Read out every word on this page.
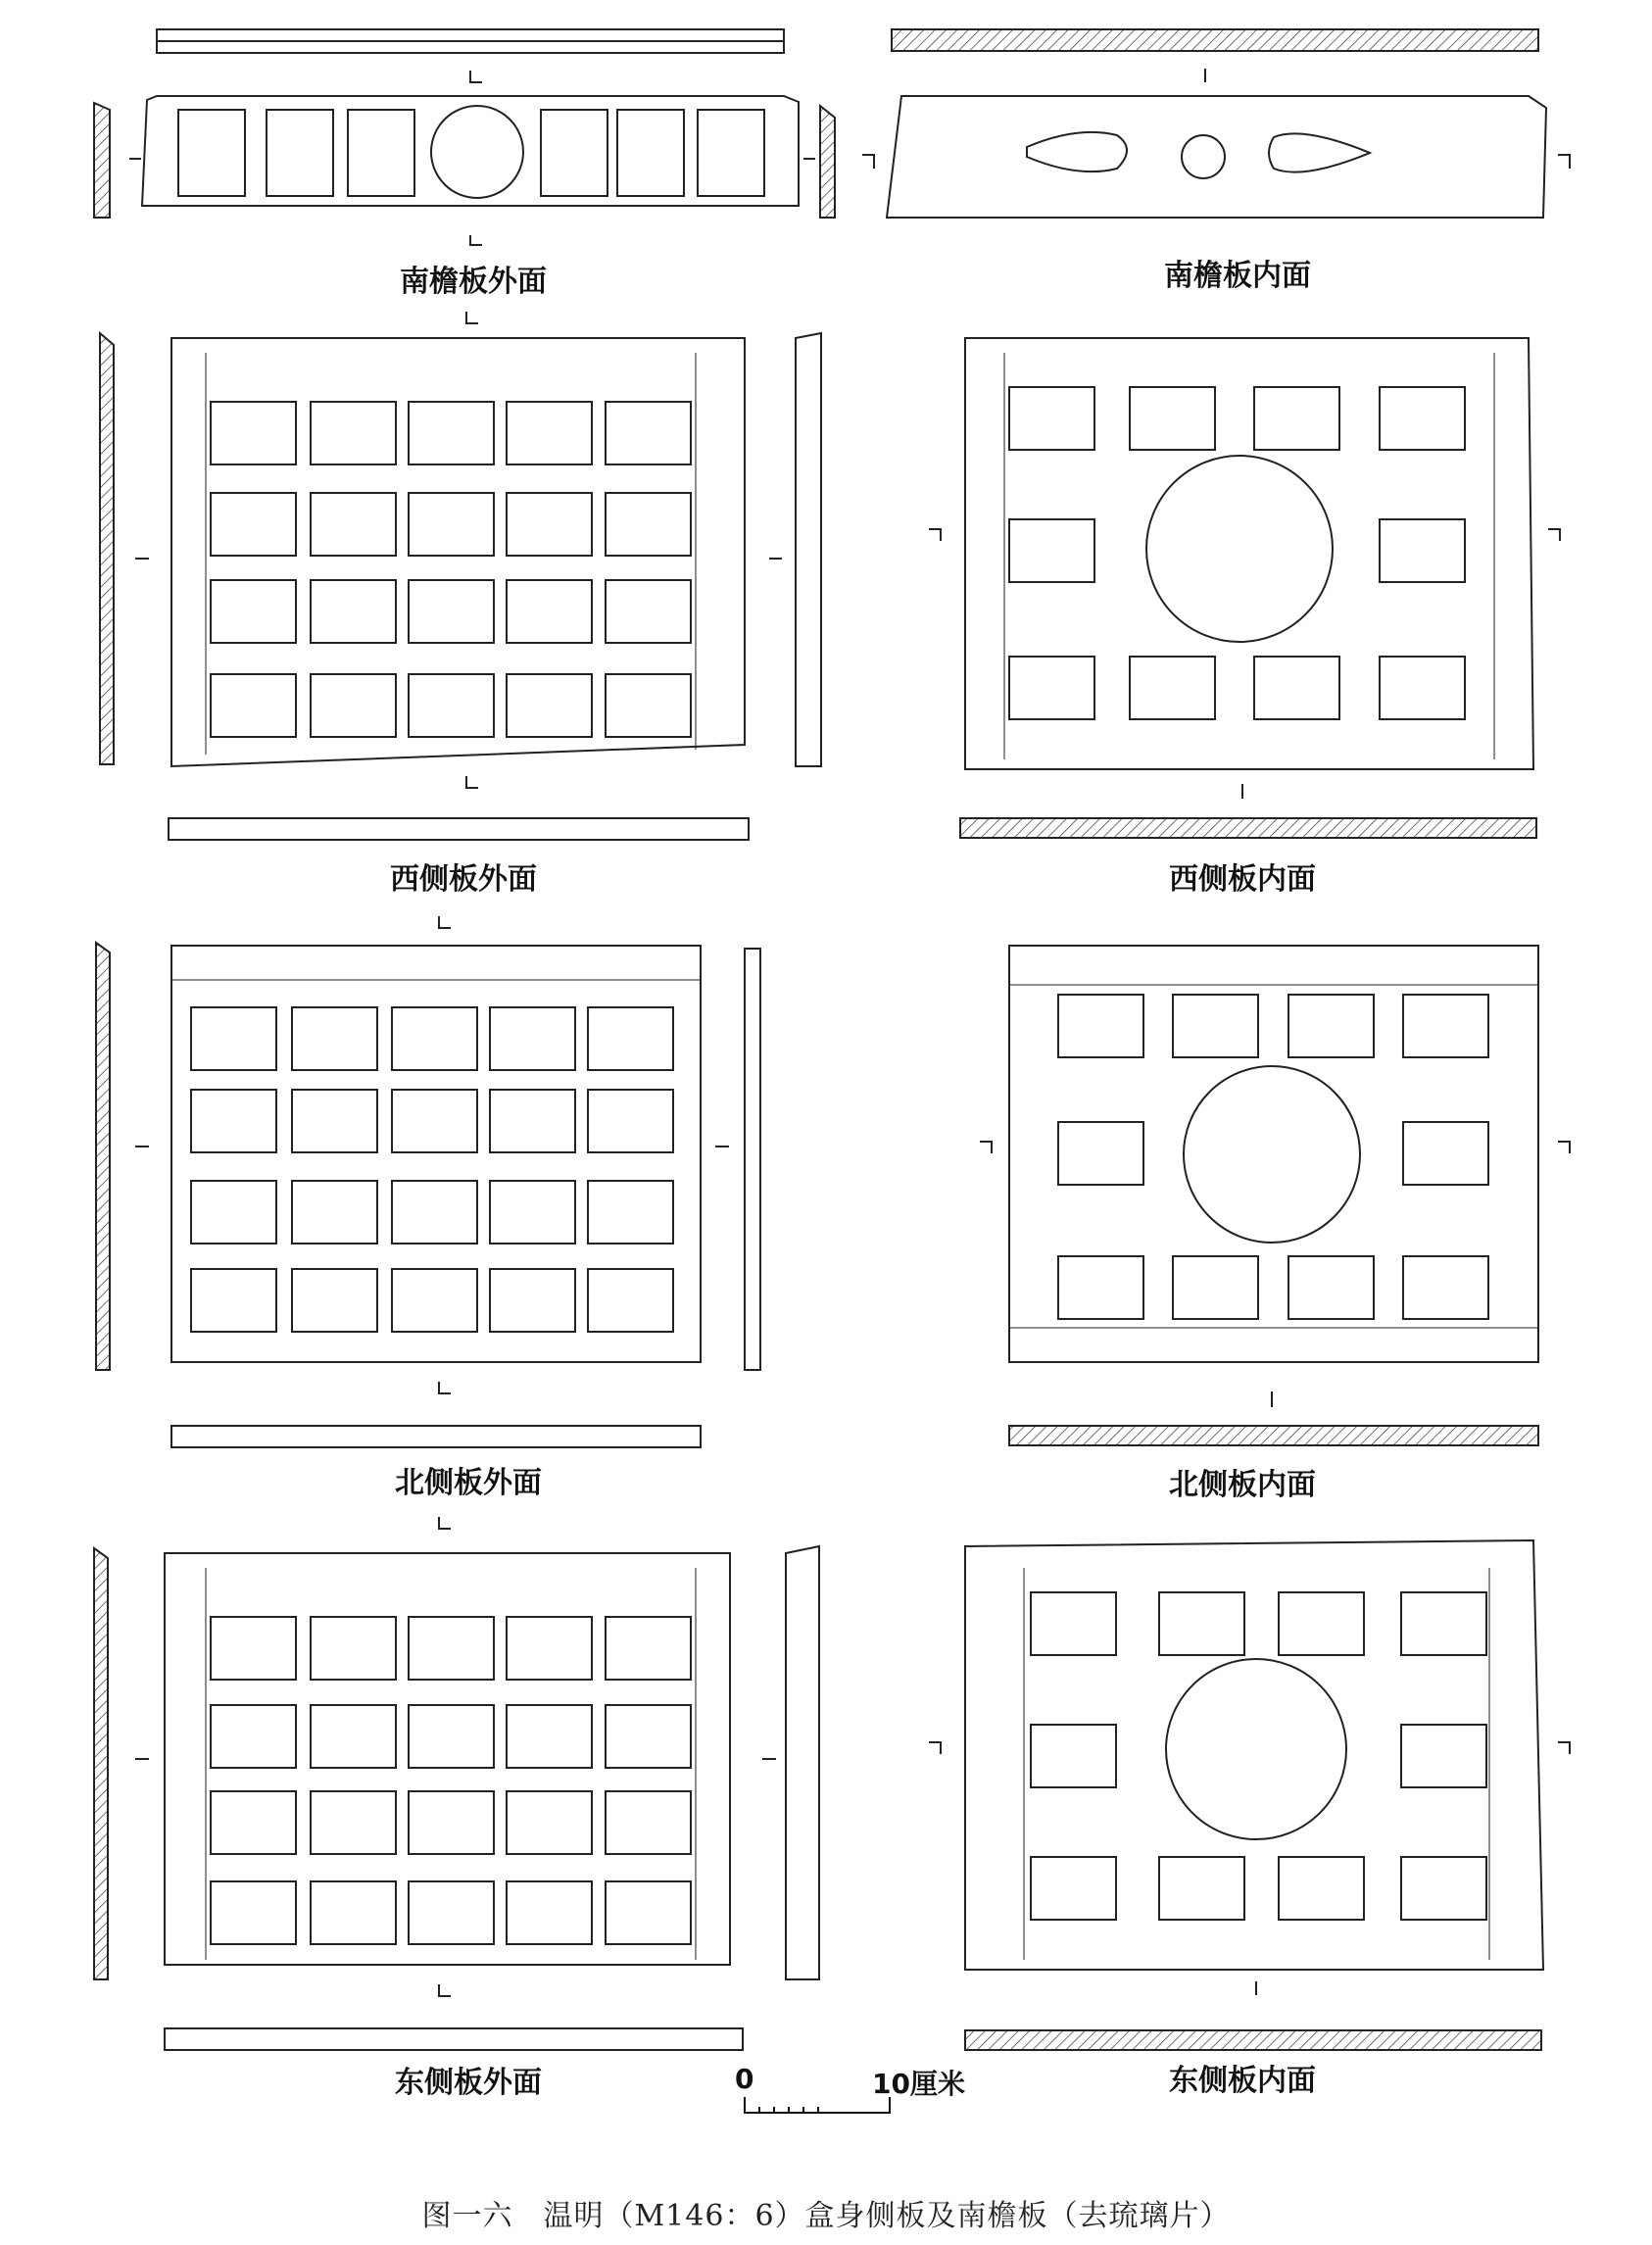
南檐板外面	南檐板内面
西侧板外面	西侧板内面
北侧板外面	北侧板内面
东侧板外面	东侧板内面
0	10厘米
图一六　温明（M146：6）盒身侧板及南檐板（去琉璃片）
